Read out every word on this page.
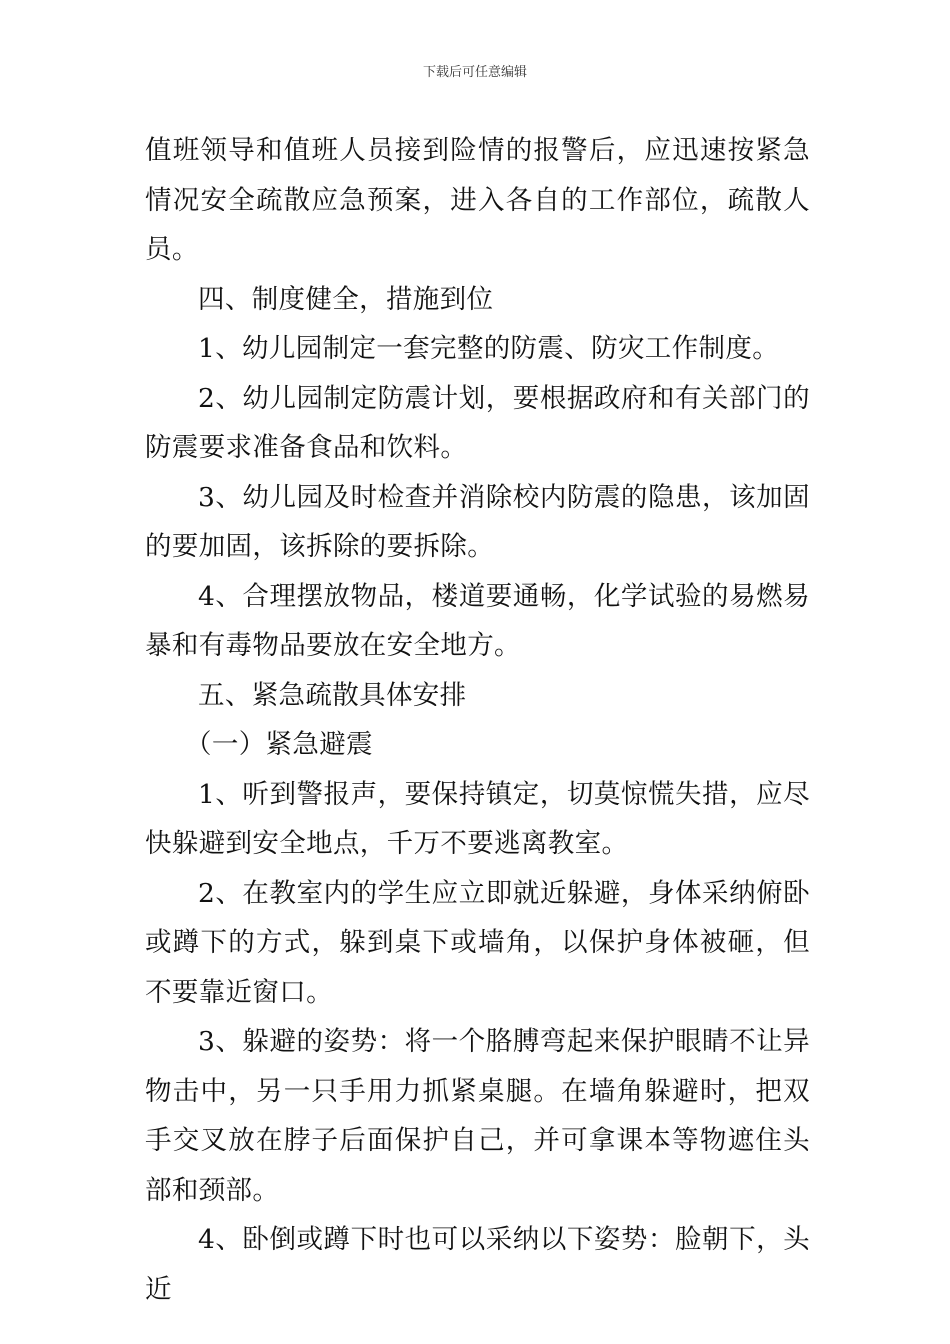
下载后可任意编辑

值班领导和值班人员接到险情的报警后，应迅速按紧急情况安全疏散应急预案，进入各自的工作部位，疏散人员。

四、制度健全，措施到位

1、幼儿园制定一套完整的防震、防灾工作制度。

2、幼儿园制定防震计划，要根据政府和有关部门的防震要求准备食品和饮料。

3、幼儿园及时检查并消除校内防震的隐患，该加固的要加固，该拆除的要拆除。

4、合理摆放物品，楼道要通畅，化学试验的易燃易暴和有毒物品要放在安全地方。

五、紧急疏散具体安排

（一）紧急避震

1、听到警报声，要保持镇定，切莫惊慌失措，应尽快躲避到安全地点，千万不要逃离教室。

2、在教室内的学生应立即就近躲避，身体采纳俯卧或蹲下的方式，躲到桌下或墙角，以保护身体被砸，但不要靠近窗口。

3、躲避的姿势：将一个胳膊弯起来保护眼睛不让异物击中，另一只手用力抓紧桌腿。在墙角躲避时，把双手交叉放在脖子后面保护自己，并可拿课本等物遮住头部和颈部。

4、卧倒或蹲下时也可以采纳以下姿势：脸朝下，头近
